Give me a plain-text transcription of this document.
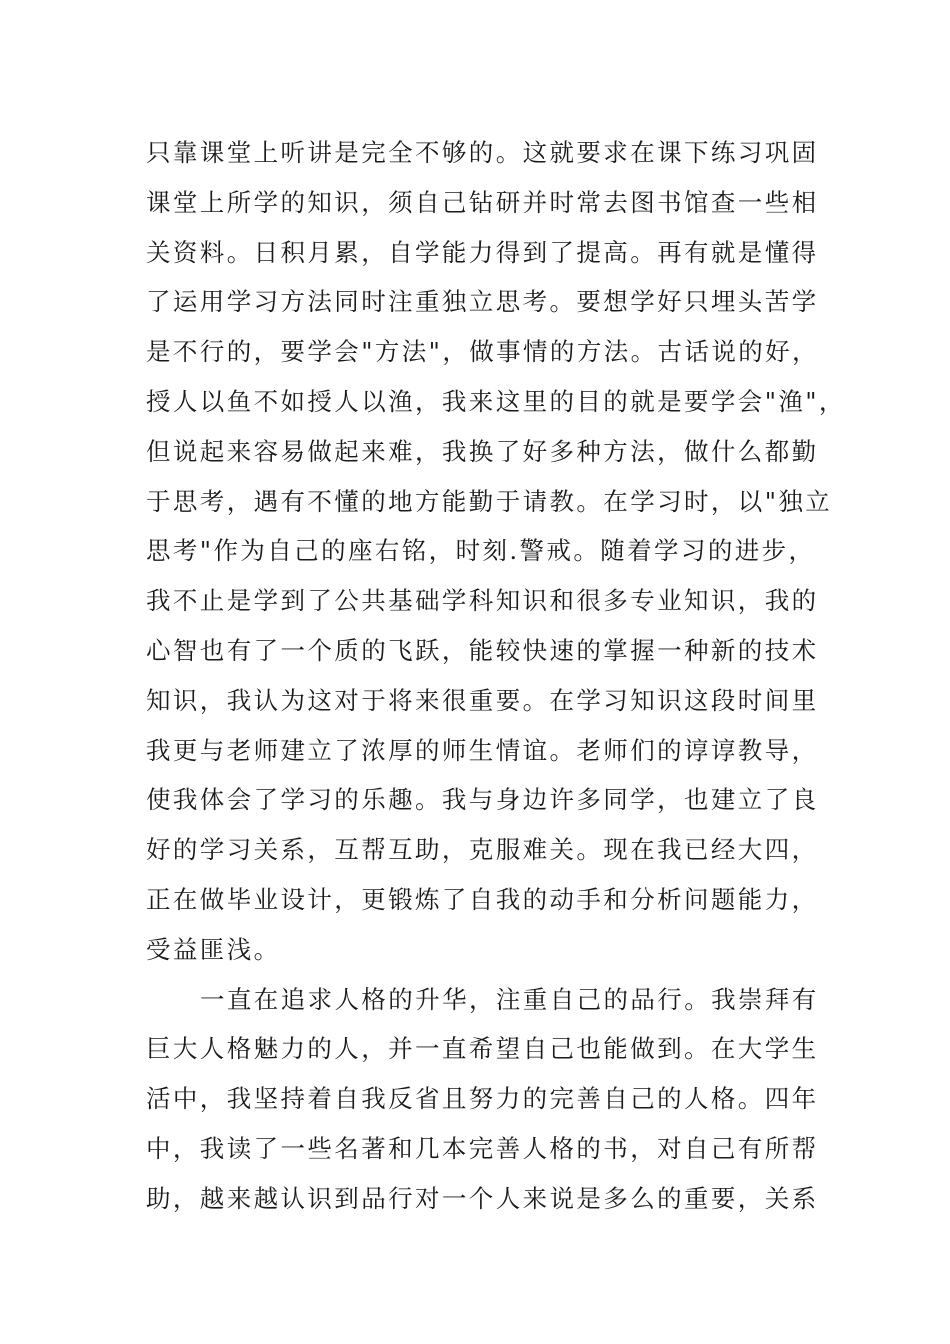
只靠课堂上听讲是完全不够的。这就要求在课下练习巩固
课堂上所学的知识，须自己钻研并时常去图书馆查一些相
关资料。日积月累，自学能力得到了提高。再有就是懂得
了运用学习方法同时注重独立思考。要想学好只埋头苦学
是不行的，要学会"方法"，做事情的方法。古话说的好，
授人以鱼不如授人以渔，我来这里的目的就是要学会"渔"，
但说起来容易做起来难，我换了好多种方法，做什么都勤
于思考，遇有不懂的地方能勤于请教。在学习时，以"独立
思考"作为自己的座右铭，时刻.警戒。随着学习的进步，
我不止是学到了公共基础学科知识和很多专业知识，我的
心智也有了一个质的飞跃，能较快速的掌握一种新的技术
知识，我认为这对于将来很重要。在学习知识这段时间里
我更与老师建立了浓厚的师生情谊。老师们的谆谆教导，
使我体会了学习的乐趣。我与身边许多同学，也建立了良
好的学习关系，互帮互助，克服难关。现在我已经大四，
正在做毕业设计，更锻炼了自我的动手和分析问题能力，
受益匪浅。
一直在追求人格的升华，注重自己的品行。我崇拜有
巨大人格魅力的人，并一直希望自己也能做到。在大学生
活中，我坚持着自我反省且努力的完善自己的人格。四年
中，我读了一些名著和几本完善人格的书，对自己有所帮
助，越来越认识到品行对一个人来说是多么的重要，关系
